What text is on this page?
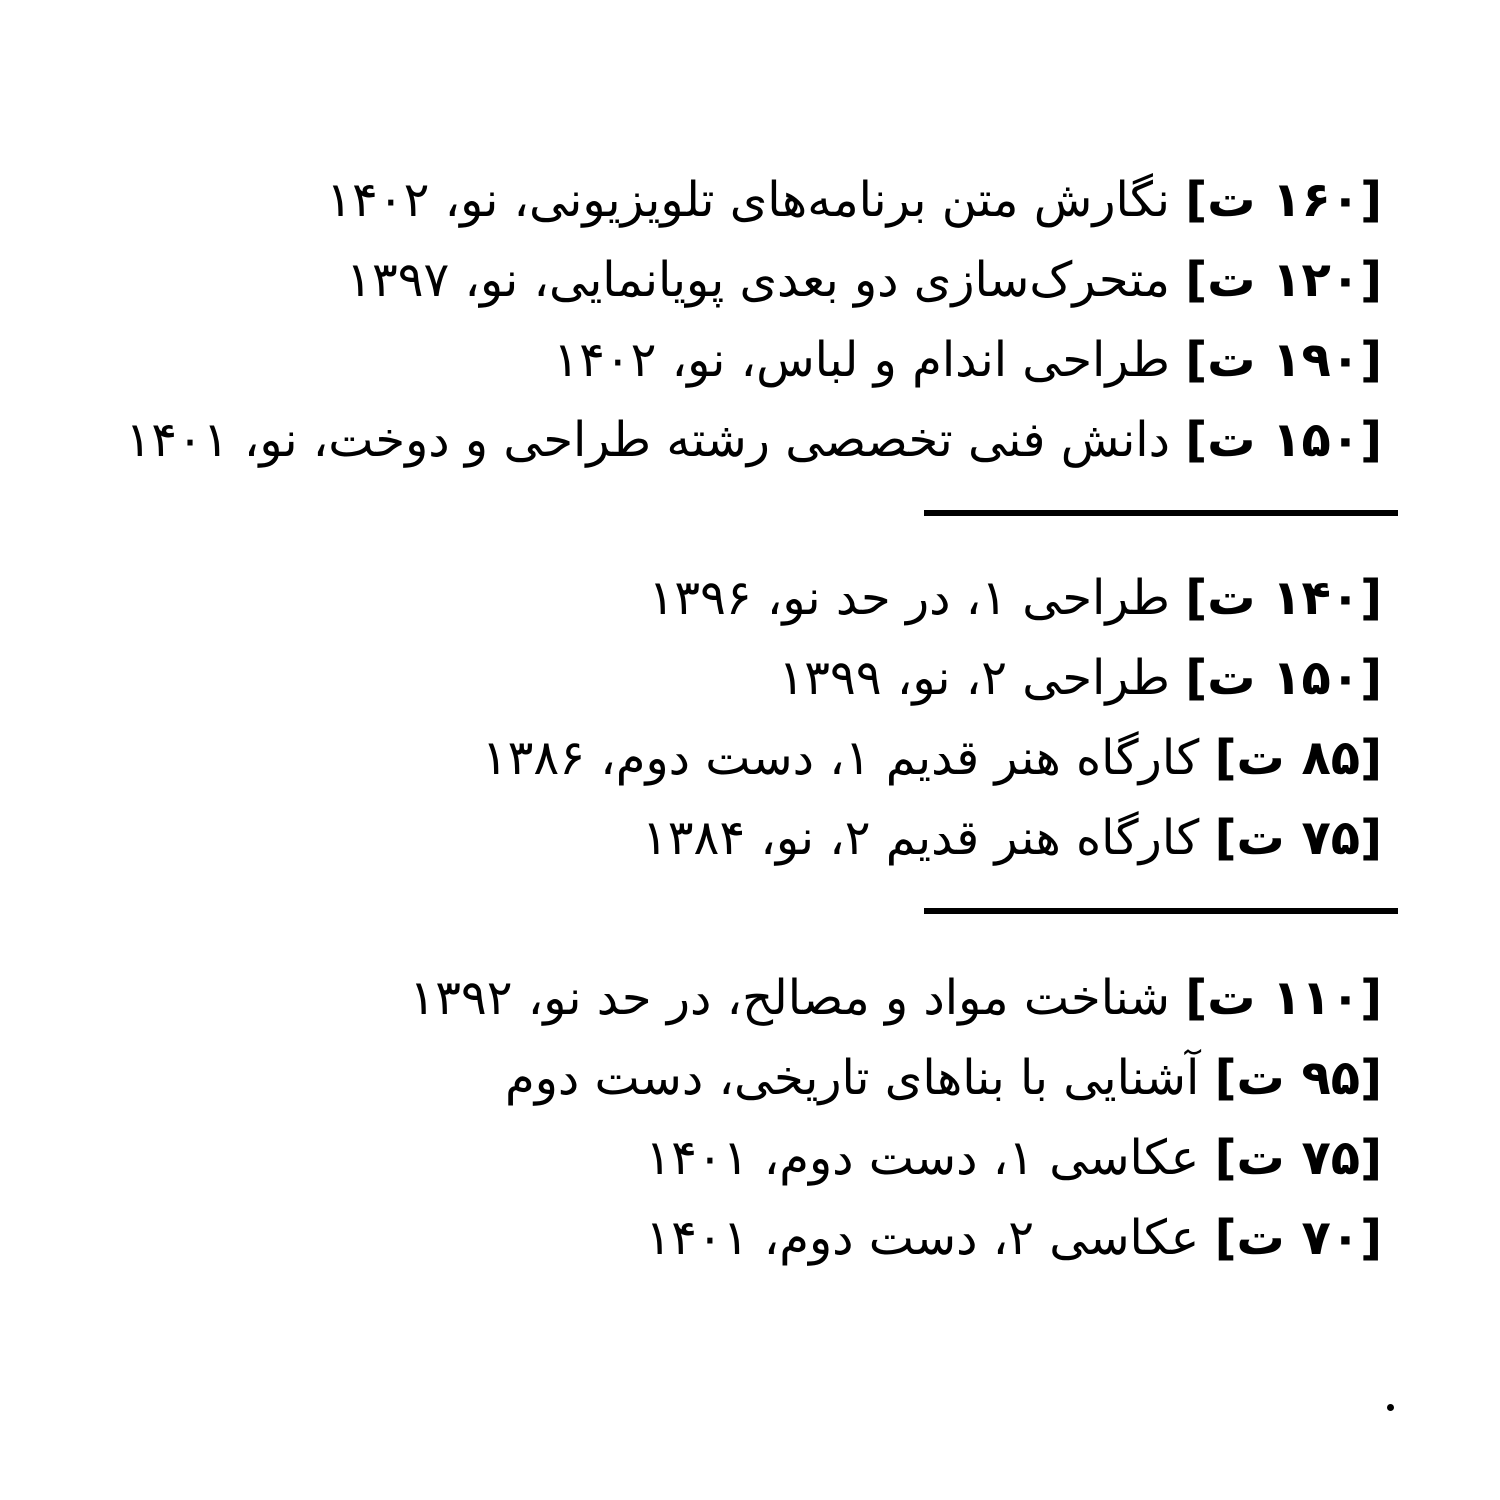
[۱۶۰ ت] نگارش متن برنامه‌های تلویزیونی، نو، ۱۴۰۲
[۱۲۰ ت] متحرک‌سازی دو بعدی پویانمایی، نو، ۱۳۹۷
[۱۹۰ ت] طراحی اندام و لباس، نو، ۱۴۰۲
[۱۵۰ ت] دانش فنی تخصصی رشته طراحی و دوخت، نو، ۱۴۰۱
[۱۴۰ ت] طراحی ۱، در حد نو، ۱۳۹۶
[۱۵۰ ت] طراحی ۲، نو، ۱۳۹۹
[۸۵ ت] کارگاه هنر قدیم ۱، دست دوم، ۱۳۸۶
[۷۵ ت] کارگاه هنر قدیم ۲، نو، ۱۳۸۴
[۱۱۰ ت] شناخت مواد و مصالح، در حد نو، ۱۳۹۲
[۹۵ ت] آشنایی با بناهای تاریخی، دست دوم
[۷۵ ت] عکاسی ۱، دست دوم، ۱۴۰۱
[۷۰ ت] عکاسی ۲، دست دوم، ۱۴۰۱
